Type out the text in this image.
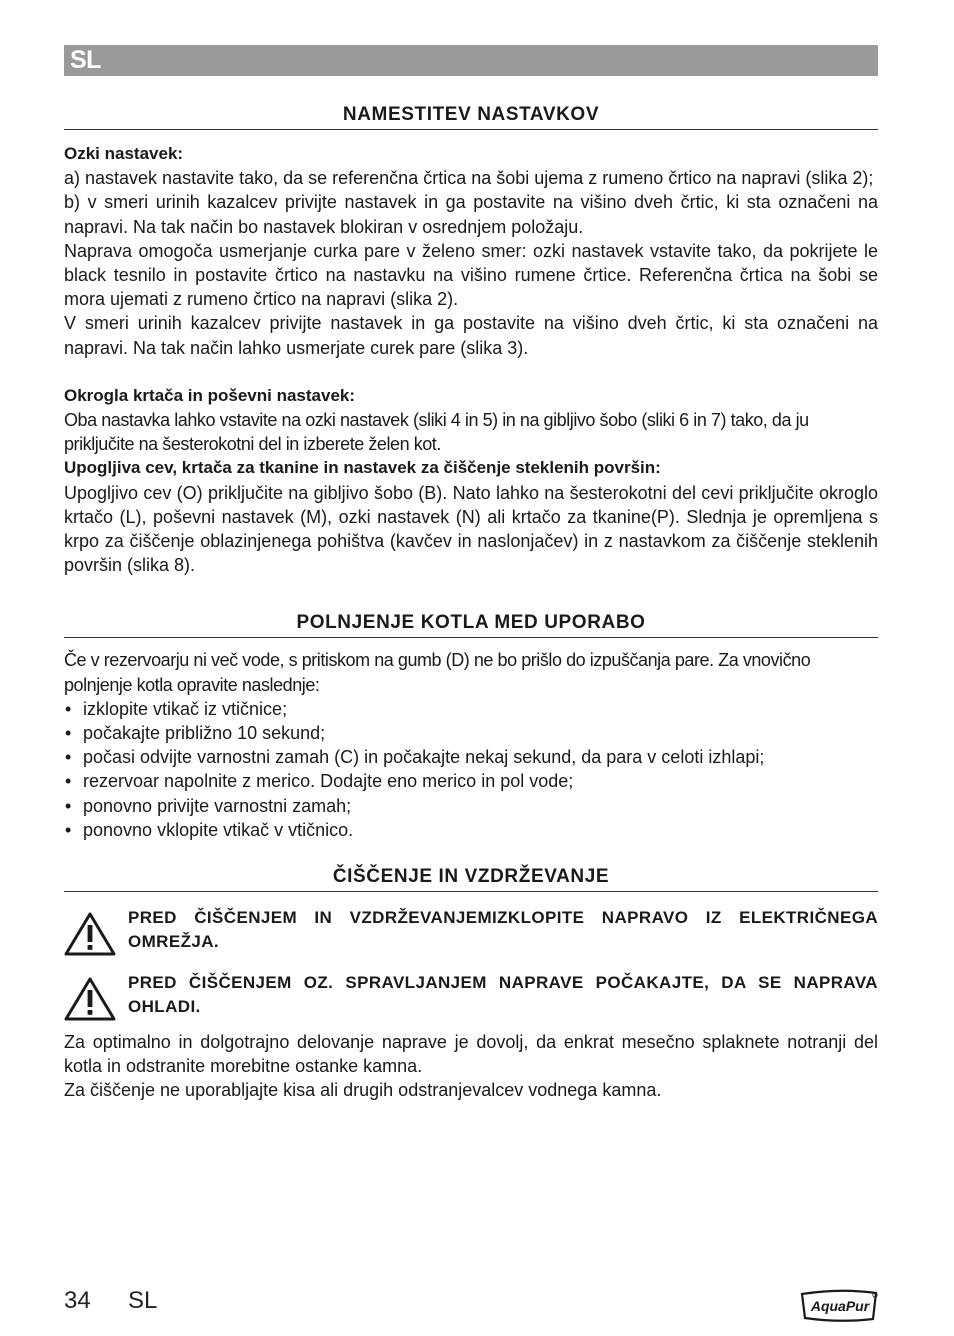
SL
NAMESTITEV NASTAVKOV

Ozki nastavek:

a) nastavek nastavite tako, da se referenčna črtica na šobi ujema z rumeno črtico na napravi (slika 2);

b) v smeri urinih kazalcev privijte nastavek in ga postavite na višino dveh črtic, ki sta označeni na napravi. Na tak način bo nastavek blokiran v osrednjem položaju.

Naprava omogoča usmerjanje curka pare v želeno smer: ozki nastavek vstavite tako, da pokrijete le black tesnilo in postavite črtico na nastavku na višino rumene črtice. Referenčna črtica na šobi se mora ujemati z rumeno črtico na napravi (slika 2).

V smeri urinih kazalcev privijte nastavek in ga postavite na višino dveh črtic, ki sta označeni na napravi. Na tak način lahko usmerjate curek pare (slika 3).

Okrogla krtača in poševni nastavek:

Oba nastavka lahko vstavite na ozki nastavek (sliki 4 in 5) in na gibljivo šobo (sliki 6 in 7) tako, da ju priključite na šesterokotni del in izberete želen kot.

Upogljiva cev, krtača za tkanine in nastavek za čiščenje steklenih površin:

Upogljivo cev (O) priključite na gibljivo šobo (B). Nato lahko na šesterokotni del cevi priključite okroglo krtačo (L), poševni nastavek (M), ozki nastavek (N) ali krtačo za tkanine(P). Slednja je opremljena s krpo za čiščenje oblazinjenega pohištva (kavčev in naslonjačev) in z nastavkom za čiščenje steklenih površin (slika 8).

POLNJENJE KOTLA MED UPORABO

Če v rezervoarju ni več vode, s pritiskom na gumb (D) ne bo prišlo do izpuščanja pare. Za vnovično polnjenje kotla opravite naslednje:

• izklopite vtikač iz vtičnice;
• počakajte približno 10 sekund;
• počasi odvijte varnostni zamah (C) in počakajte nekaj sekund, da para v celoti izhlapi;
• rezervoar napolnite z merico. Dodajte eno merico in pol vode;
• ponovno privijte varnostni zamah;
• ponovno vklopite vtikač v vtičnico.
ČIŠČENJE IN VZDRŽEVANJE
PRED ČIŠČENJEM IN VZDRŽEVANJEMIZKLOPITE NAPRAVO IZ ELEKTRIČNEGA OMREŽJA.
PRED ČIŠČENJEM OZ. SPRAVLJANJEM NAPRAVE POČAKAJTE, DA SE NAPRAVA OHLADI.

Za optimalno in dolgotrajno delovanje naprave je dovolj, da enkrat mesečno splaknete notranji del kotla in odstranite morebitne ostanke kamna.

Za čiščenje ne uporabljajte kisa ali drugih odstranjevalcev vodnega kamna.

34 SL	AquaPur
